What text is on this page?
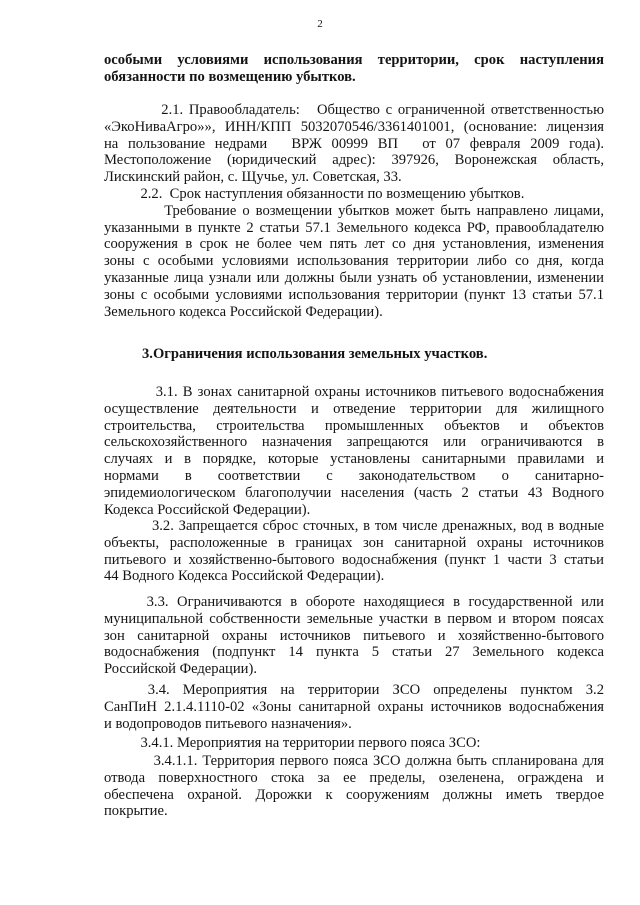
2
особыми условиями использования территории, срок наступления
обязанности по возмещению убытков.
2.1. Правообладатель:   Общество с ограниченной ответственностью
«ЭкоНиваАгро»», ИНН/КПП 5032070546/3361401001, (основание: лицензия
на  пользование  недрами     ВРЖ  00999  ВП     от  07  февраля  2009  года).
Местоположение (юридический адрес): 397926, Воронежская область,
Лискинский район, с. Щучье, ул. Советская, 33.
2.2.  Срок наступления обязанности по возмещению убытков.
Требование о возмещении убытков может быть направлено лицами,
указанными в пункте 2 статьи 57.1 Земельного кодекса РФ, правообладателю
сооружения в срок не более чем пять лет со дня установления, изменения
зоны с особыми условиями использования территории либо со дня, когда
указанные лица узнали или должны были узнать об установлении, изменении
зоны с особыми условиями использования территории (пункт 13 статьи 57.1
Земельного кодекса Российской Федерации).
3.Ограничения использования земельных участков.
3.1. В зонах санитарной охраны источников питьевого водоснабжения
осуществление деятельности и отведение территории для жилищного
строительства, строительства промышленных объектов и объектов
сельскохозяйственного назначения запрещаются или ограничиваются в
случаях и в порядке, которые установлены санитарными правилами и
нормами в соответствии с законодательством о санитарно-
эпидемиологическом благополучии населения (часть 2 статьи 43 Водного
Кодекса Российской Федерации).
3.2. Запрещается сброс сточных, в том числе дренажных, вод в водные
объекты, расположенные в границах зон санитарной охраны источников
питьевого и хозяйственно-бытового водоснабжения (пункт 1 части 3 статьи
44 Водного Кодекса Российской Федерации).
3.3.  Ограничиваются  в  обороте  находящиеся  в  государственной  или
муниципальной собственности земельные участки в первом и втором поясах
зон санитарной охраны источников питьевого и хозяйственно-бытового
водоснабжения (подпункт 14 пункта 5 статьи 27 Земельного кодекса
Российской Федерации).
3.4.   Мероприятия   на   территории   ЗСО   определены   пунктом   3.2
СанПиН 2.1.4.1110-02 «Зоны санитарной охраны источников водоснабжения
и водопроводов питьевого назначения».
3.4.1. Мероприятия на территории первого пояса ЗСО:
3.4.1.1. Территория первого пояса ЗСО должна быть спланирована для
отвода поверхностного стока за ее пределы, озеленена, ограждена и
обеспечена охраной. Дорожки к сооружениям должны иметь твердое
покрытие.
